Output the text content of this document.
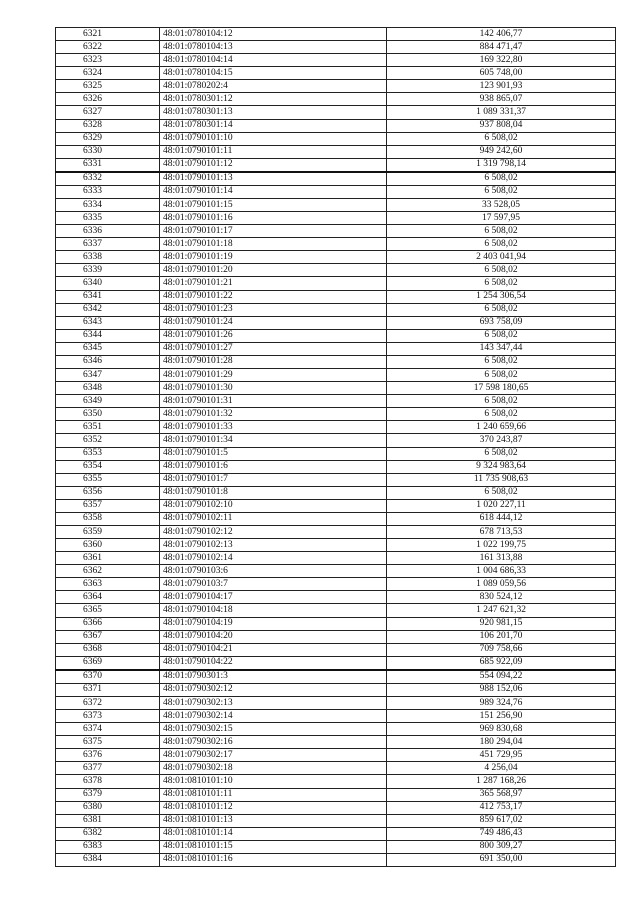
6321	48:01:0780104:12	142 406,77
6322	48:01:0780104:13	884 471,47
6323	48:01:0780104:14	169 322,80
6324	48:01:0780104:15	605 748,00
6325	48:01:0780202:4	123 901,93
6326	48:01:0780301:12	938 865,07
6327	48:01:0780301:13	1 089 331,37
6328	48:01:0780301:14	937 808,04
6329	48:01:0790101:10	6 508,02
6330	48:01:0790101:11	949 242,60
6331	48:01:0790101:12	1 319 798,14
6332	48:01:0790101:13	6 508,02
6333	48:01:0790101:14	6 508,02
6334	48:01:0790101:15	33 528,05
6335	48:01:0790101:16	17 597,95
6336	48:01:0790101:17	6 508,02
6337	48:01:0790101:18	6 508,02
6338	48:01:0790101:19	2 403 041,94
6339	48:01:0790101:20	6 508,02
6340	48:01:0790101:21	6 508,02
6341	48:01:0790101:22	1 254 306,54
6342	48:01:0790101:23	6 508,02
6343	48:01:0790101:24	693 758,09
6344	48:01:0790101:26	6 508,02
6345	48:01:0790101:27	143 347,44
6346	48:01:0790101:28	6 508,02
6347	48:01:0790101:29	6 508,02
6348	48:01:0790101:30	17 598 180,65
6349	48:01:0790101:31	6 508,02
6350	48:01:0790101:32	6 508,02
6351	48:01:0790101:33	1 240 659,66
6352	48:01:0790101:34	370 243,87
6353	48:01:0790101:5	6 508,02
6354	48:01:0790101:6	9 324 983,64
6355	48:01:0790101:7	11 735 908,63
6356	48:01:0790101:8	6 508,02
6357	48:01:0790102:10	1 020 227,11
6358	48:01:0790102:11	618 444,12
6359	48:01:0790102:12	678 713,53
6360	48:01:0790102:13	1 022 199,75
6361	48:01:0790102:14	161 313,88
6362	48:01:0790103:6	1 004 686,33
6363	48:01:0790103:7	1 089 059,56
6364	48:01:0790104:17	830 524,12
6365	48:01:0790104:18	1 247 621,32
6366	48:01:0790104:19	920 981,15
6367	48:01:0790104:20	106 201,70
6368	48:01:0790104:21	709 758,66
6369	48:01:0790104:22	685 922,09
6370	48:01:0790301:3	554 094,22
6371	48:01:0790302:12	988 152,06
6372	48:01:0790302:13	989 324,76
6373	48:01:0790302:14	151 256,90
6374	48:01:0790302:15	969 830,68
6375	48:01:0790302:16	180 294,04
6376	48:01:0790302:17	451 729,95
6377	48:01:0790302:18	4 256,04
6378	48:01:0810101:10	1 287 168,26
6379	48:01:0810101:11	365 568,97
6380	48:01:0810101:12	412 753,17
6381	48:01:0810101:13	859 617,02
6382	48:01:0810101:14	749 486,43
6383	48:01:0810101:15	800 309,27
6384	48:01:0810101:16	691 350,00
